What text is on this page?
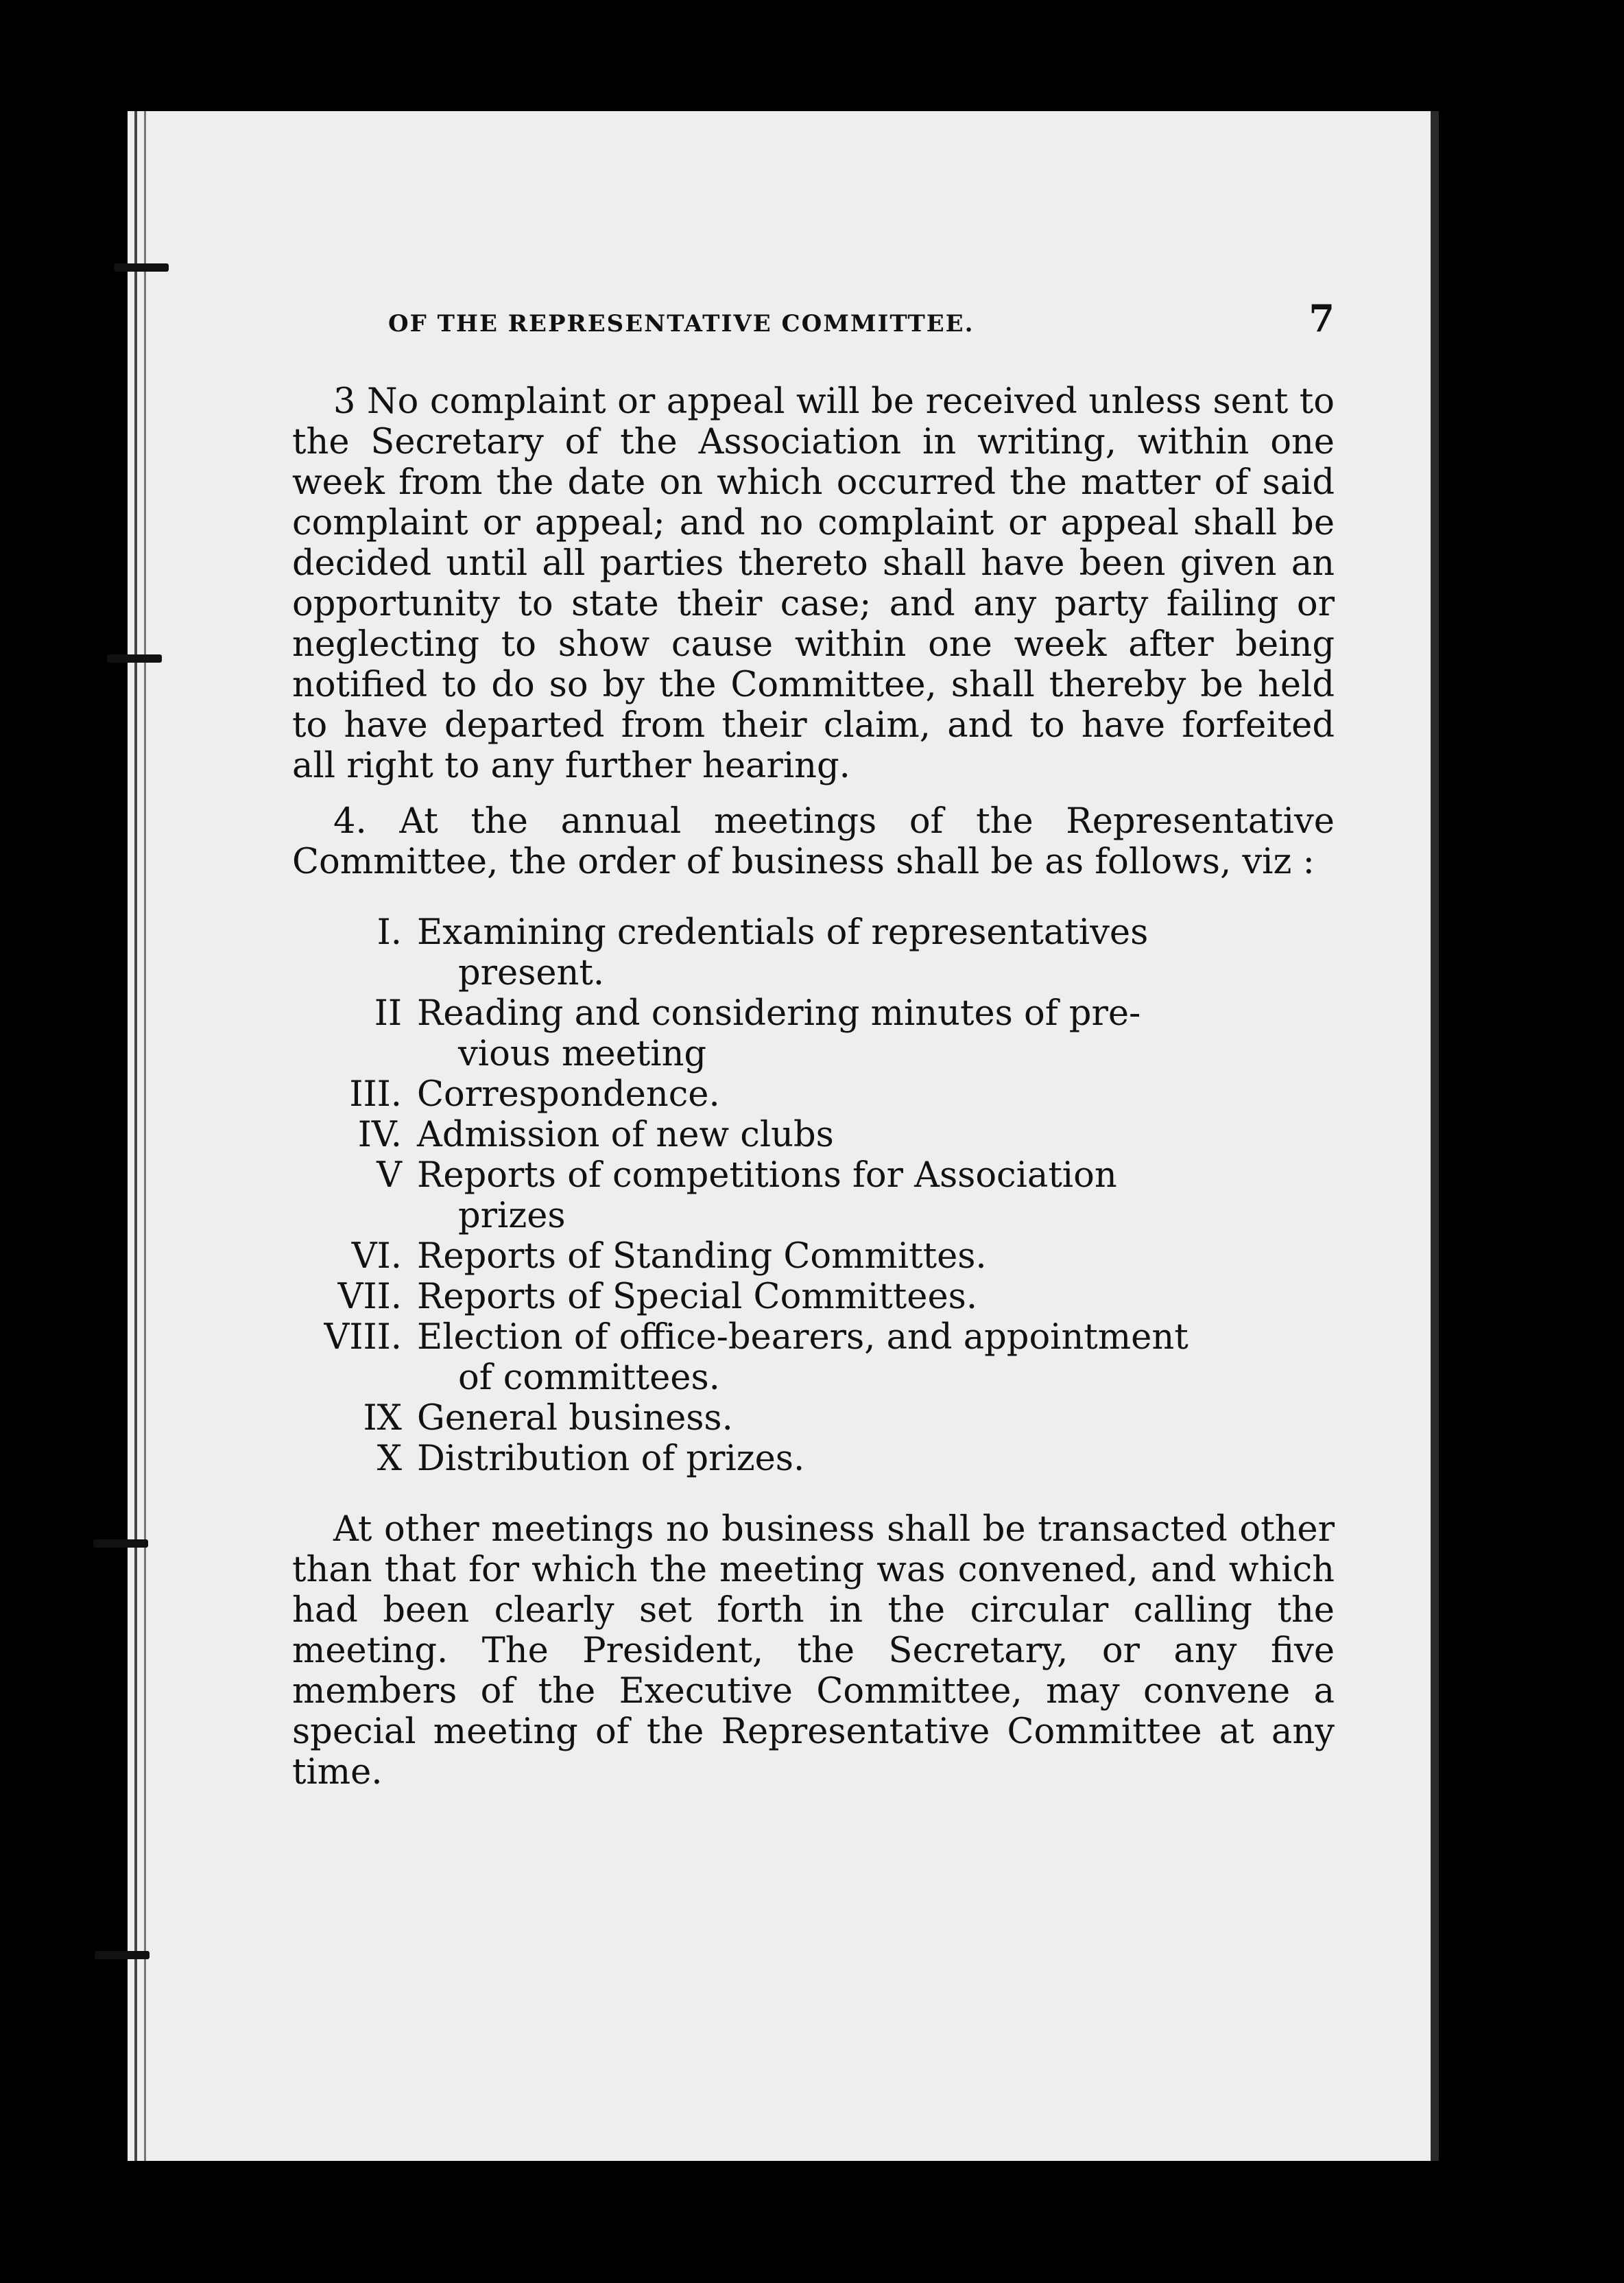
OF THE REPRESENTATIVE COMMITTEE.	7

3 No complaint or appeal will be received unless sent to the Secretary of the Association in writing, within one week from the date on which occurred the matter of said complaint or appeal; and no complaint or appeal shall be decided until all parties thereto shall have been given an opportunity to state their case; and any party failing or neglecting to show cause within one week after being notified to do so by the Committee, shall thereby be held to have departed from their claim, and to have forfeited all right to any further hearing.

4. At the annual meetings of the Representative Committee, the order of business shall be as follows, viz :

I. Examining credentials of representatives
present.
II Reading and considering minutes of pre-
vious meeting
III. Correspondence.
IV. Admission of new clubs
V Reports of competitions for Association
prizes
VI. Reports of Standing Committes.
VII. Reports of Special Committees.
VIII. Election of office-bearers, and appointment
of committees.
IX General business.
X Distribution of prizes.

At other meetings no business shall be transacted other than that for which the meeting was convened, and which had been clearly set forth in the circular calling the meeting. The President, the Secretary, or any five members of the Executive Committee, may convene a special meeting of the Representative Committee at any time.
